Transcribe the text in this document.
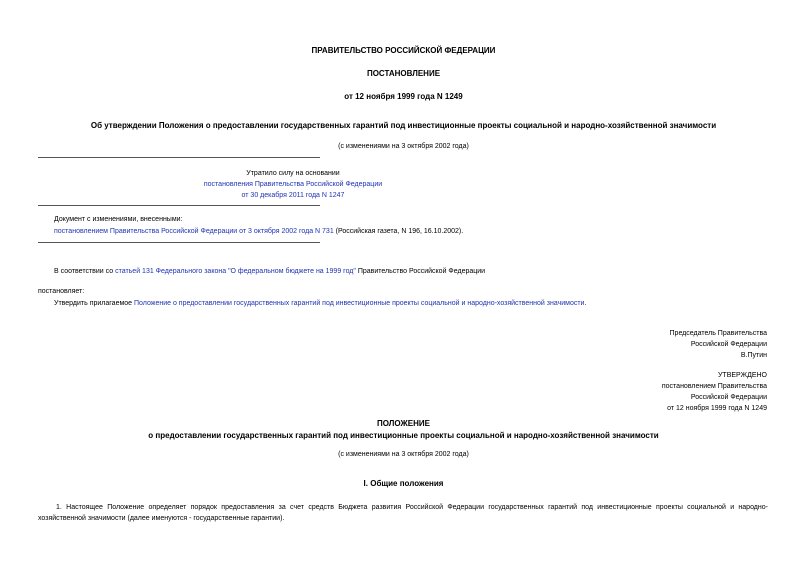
ПРАВИТЕЛЬСТВО РОССИЙСКОЙ ФЕДЕРАЦИИ
ПОСТАНОВЛЕНИЕ
от 12 ноября 1999 года N 1249
Об утверждении Положения о предоставлении государственных гарантий под инвестиционные проекты социальной и народно-хозяйственной значимости
(с изменениями на 3 октября 2002 года)
Утратило силу на основании
постановления Правительства Российской Федерации
от 30 декабря 2011 года N 1247
Документ с изменениями, внесенными:
постановлением Правительства Российской Федерации от 3 октября 2002 года N 731 (Российская газета, N 196, 16.10.2002).
В соответствии со статьей 131 Федерального закона "О федеральном бюджете на 1999 год" Правительство Российской Федерации
постановляет:
Утвердить прилагаемое Положение о предоставлении государственных гарантий под инвестиционные проекты социальной и народно-хозяйственной значимости.
Председатель Правительства
Российской Федерации
В.Путин
УТВЕРЖДЕНО
постановлением Правительства
Российской Федерации
от 12 ноября 1999 года N 1249
ПОЛОЖЕНИЕ
о предоставлении государственных гарантий под инвестиционные проекты социальной и народно-хозяйственной значимости
(с изменениями на 3 октября 2002 года)
I. Общие положения
1. Настоящее Положение определяет порядок предоставления за счет средств Бюджета развития Российской Федерации государственных гарантий под инвестиционные проекты социальной и народно-хозяйственной значимости (далее именуются - государственные гарантии).
